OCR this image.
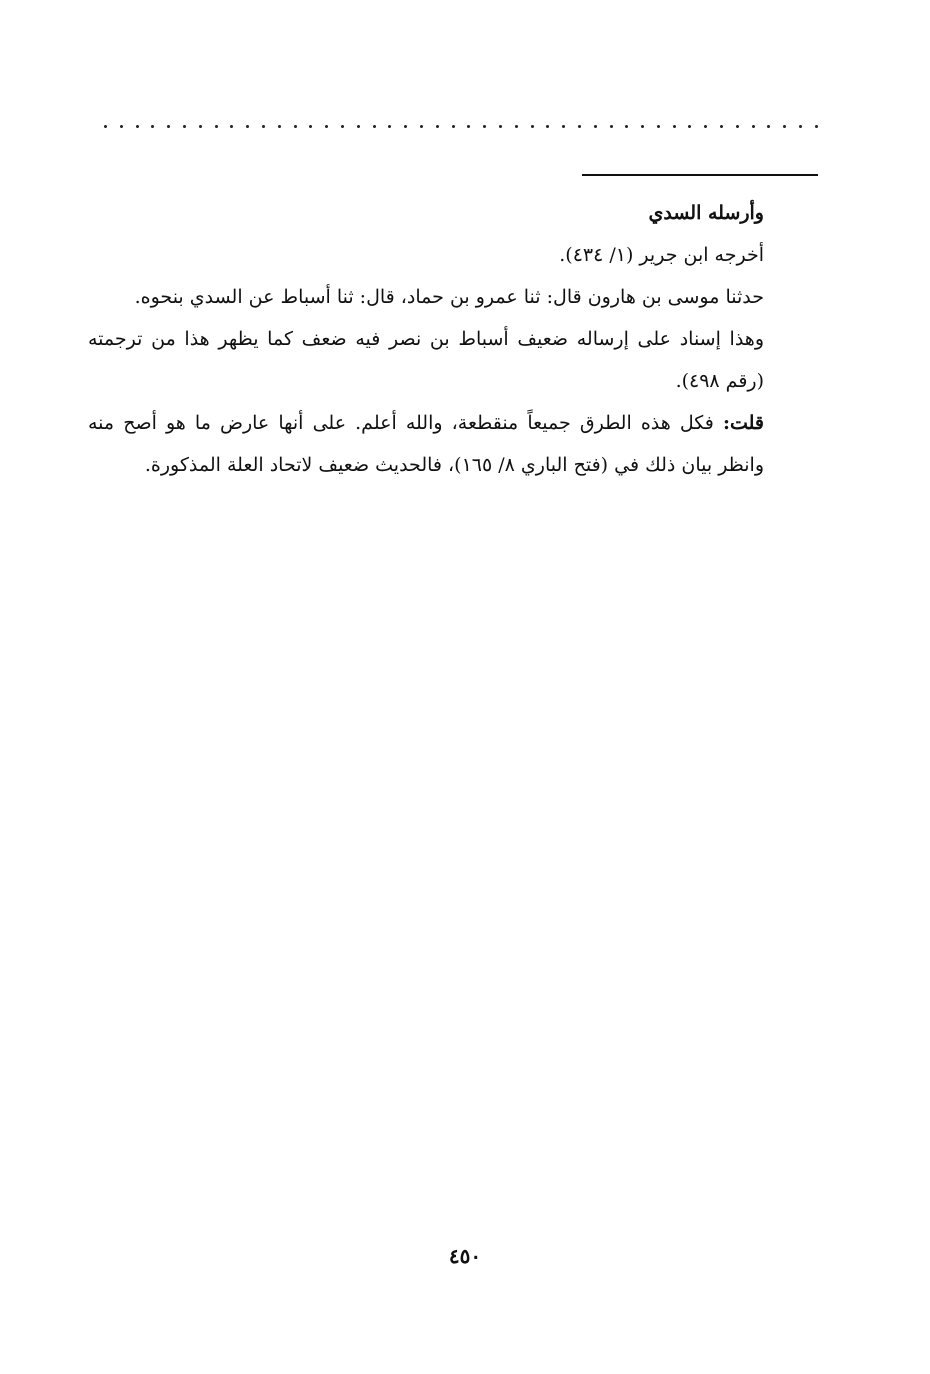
وأرسله السدي

أخرجه ابن جرير (١/ ٤٣٤).

حدثنا موسى بن هارون قال: ثنا عمرو بن حماد، قال: ثنا أسباط عن السدي بنحوه.

وهذا إسناد على إرساله ضعيف أسباط بن نصر فيه ضعف كما يظهر هذا من ترجمته (رقم ٤٩٨).

قلت: فكل هذه الطرق جميعاً منقطعة، والله أعلم. على أنها عارض ما هو أصح منه وانظر بيان ذلك في (فتح الباري ٨/ ١٦٥)، فالحديث ضعيف لاتحاد العلة المذكورة.

٤٥٠
